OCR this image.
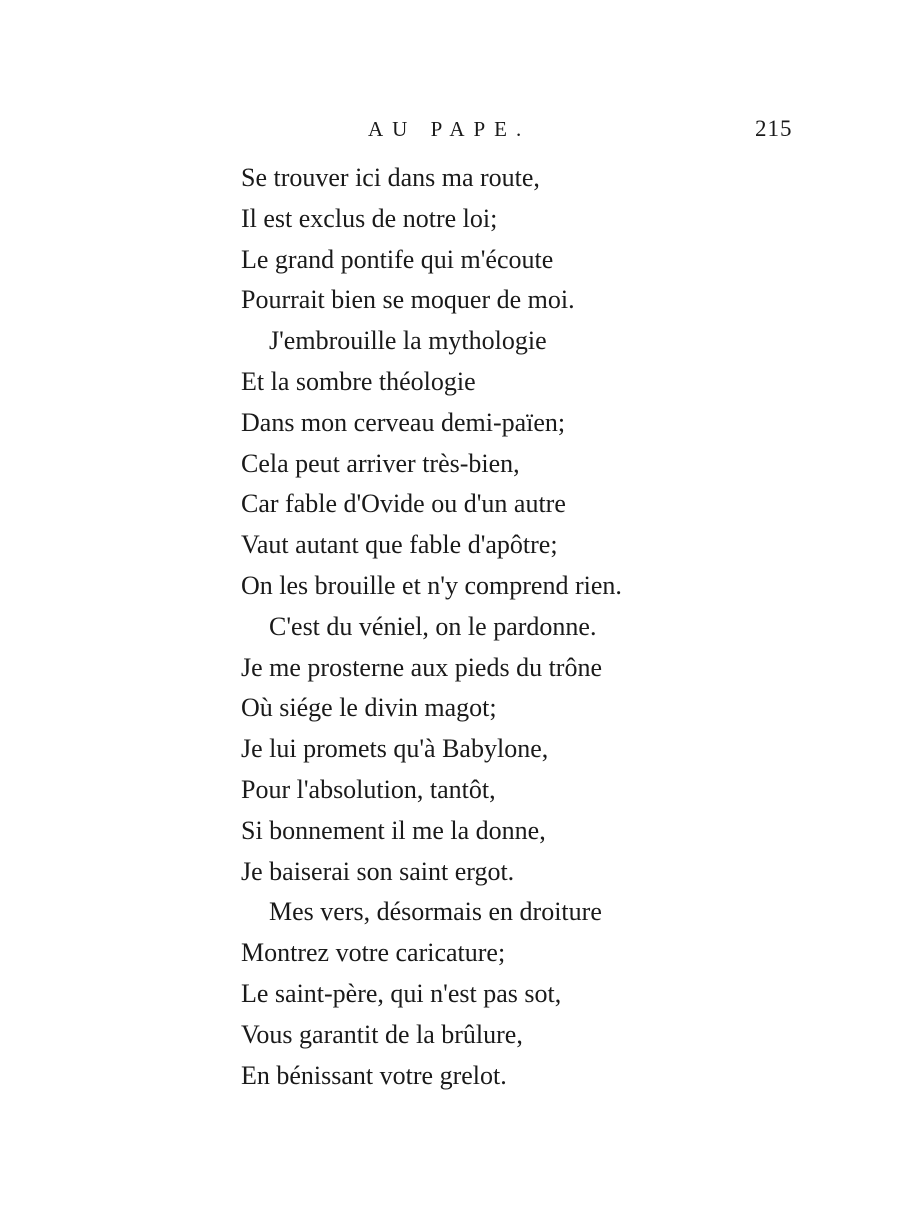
AU PAPE.	215
Se trouver ici dans ma route,
Il est exclus de notre loi;
Le grand pontife qui m'écoute
Pourrait bien se moquer de moi.
J'embrouille la mythologie
Et la sombre théologie
Dans mon cerveau demi-païen;
Cela peut arriver très-bien,
Car fable d'Ovide ou d'un autre
Vaut autant que fable d'apôtre;
On les brouille et n'y comprend rien.
C'est du véniel, on le pardonne.
Je me prosterne aux pieds du trône
Où siége le divin magot;
Je lui promets qu'à Babylone,
Pour l'absolution, tantôt,
Si bonnement il me la donne,
Je baiserai son saint ergot.
Mes vers, désormais en droiture
Montrez votre caricature;
Le saint-père, qui n'est pas sot,
Vous garantit de la brûlure,
En bénissant votre grelot.
